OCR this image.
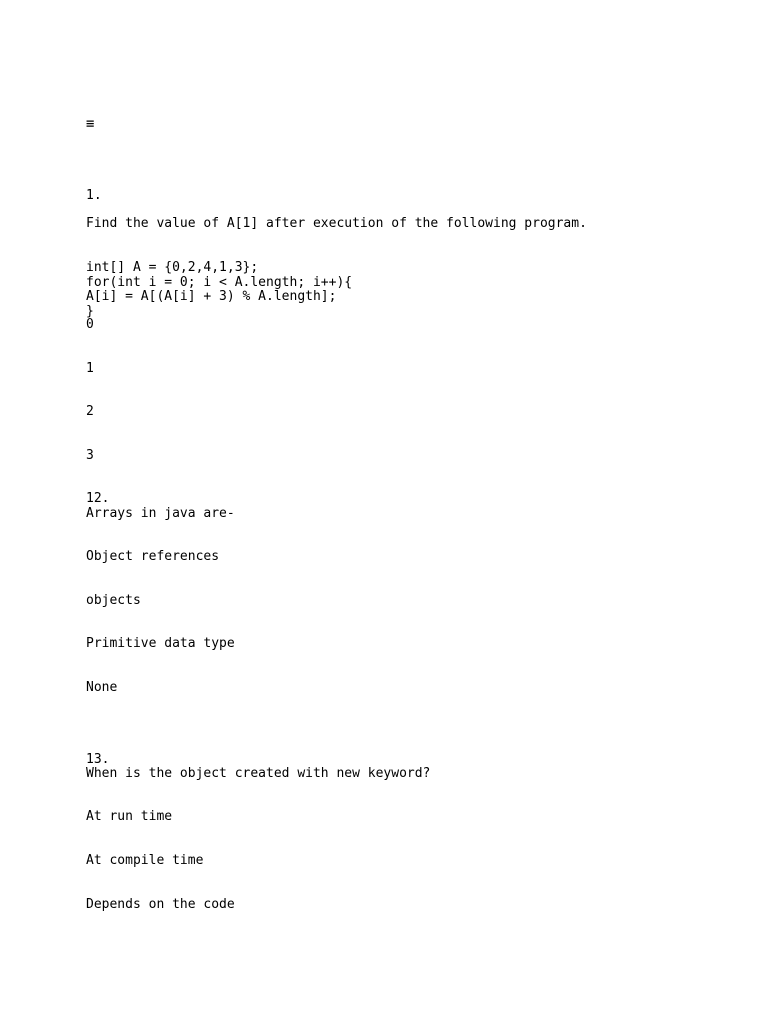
≡
1.
Find the value of A[1] after execution of the following program.
int[] A = {0,2,4,1,3};
for(int i = 0; i < A.length; i++){
A[i] = A[(A[i] + 3) % A.length];
}
0
1
2
3
12.
Arrays in java are-
Object references
objects
Primitive data type
None
13.
When is the object created with new keyword?
At run time
At compile time
Depends on the code
